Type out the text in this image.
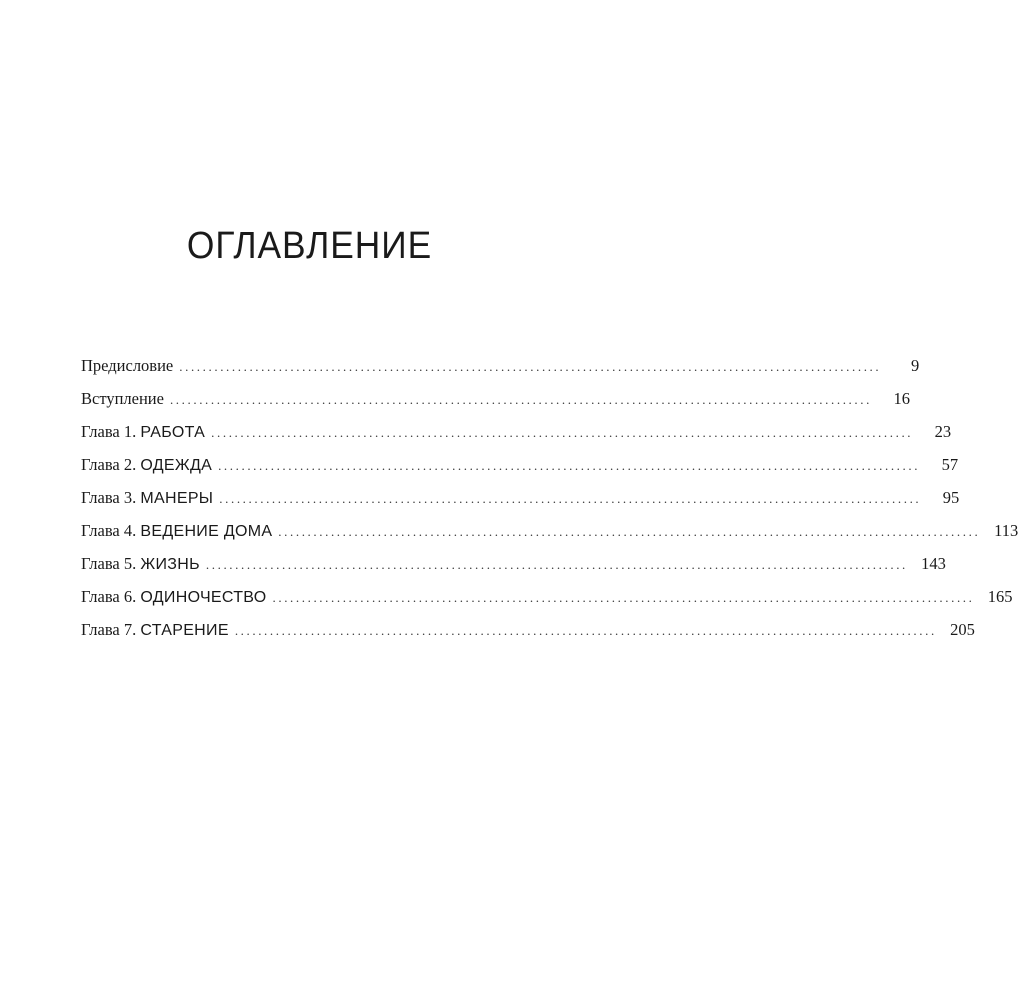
ОГЛАВЛЕНИЕ
Предисловие ........................................................................................................................	9
Вступление ........................................................................................................................	16
Глава 1. РАБОТА ........................................................................................................................	23
Глава 2. ОДЕЖДА ........................................................................................................................	57
Глава 3. МАНЕРЫ ........................................................................................................................	95
Глава 4. ВЕДЕНИЕ ДОМА ........................................................................................................................ 113
Глава 5. ЖИЗНЬ ........................................................................................................................ 143
Глава 6. ОДИНОЧЕСТВО ........................................................................................................................ 165
Глава 7. СТАРЕНИЕ ........................................................................................................................ 205
